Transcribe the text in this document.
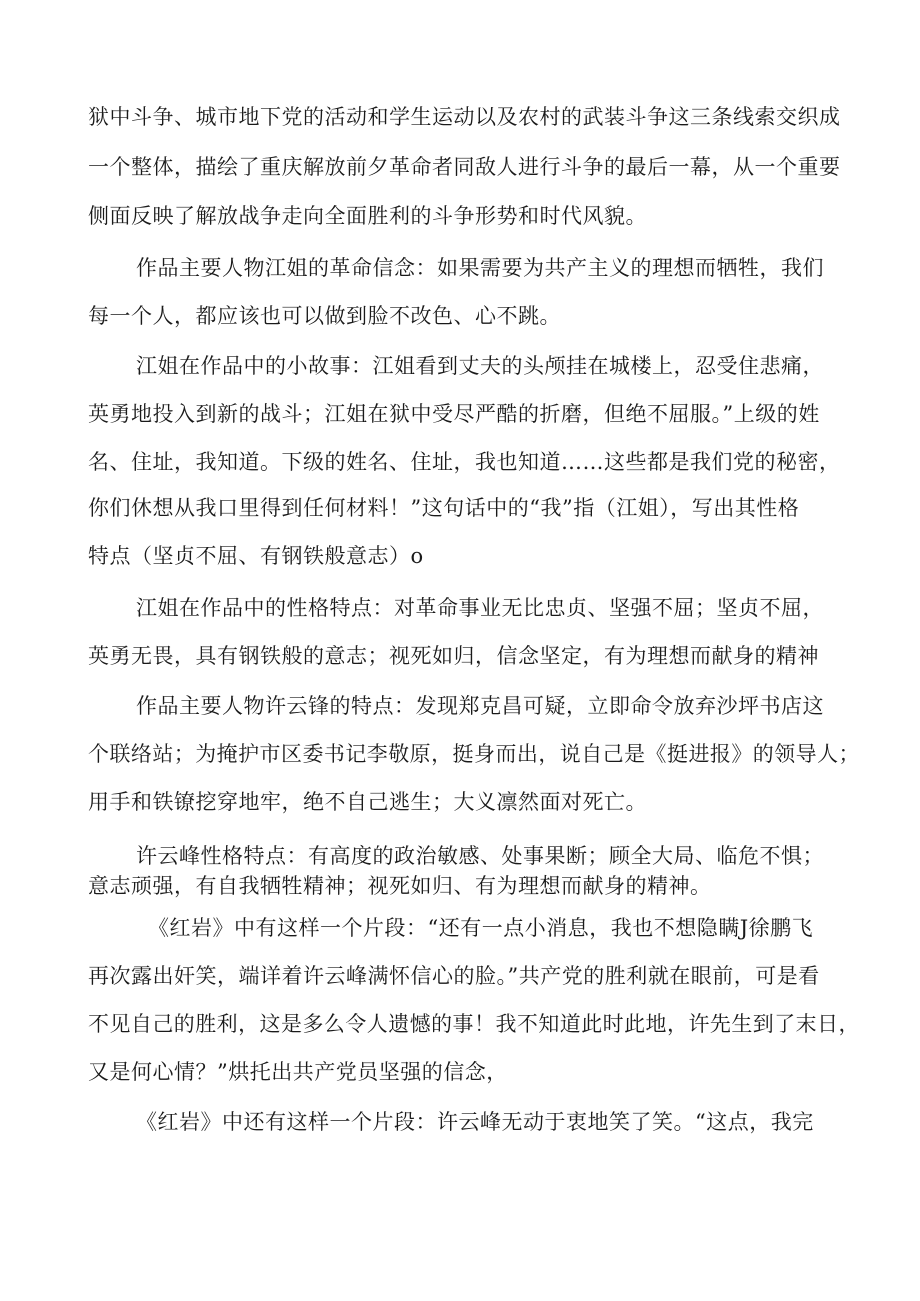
狱中斗争、城市地下党的活动和学生运动以及农村的武装斗争这三条线索交织成
一个整体，描绘了重庆解放前夕革命者同敌人进行斗争的最后一幕，从一个重要
侧面反映了解放战争走向全面胜利的斗争形势和时代风貌。
作品主要人物江姐的革命信念：如果需要为共产主义的理想而牺牲，我们
每一个人，都应该也可以做到脸不改色、心不跳。
江姐在作品中的小故事：江姐看到丈夫的头颅挂在城楼上，忍受住悲痛，
英勇地投入到新的战斗；江姐在狱中受尽严酷的折磨，但绝不屈服。”上级的姓
名、住址，我知道。下级的姓名、住址，我也知道……这些都是我们党的秘密，
你们休想从我口里得到任何材料！”这句话中的“我”指（江姐），写出其性格
特点（坚贞不屈、有钢铁般意志）o
江姐在作品中的性格特点：对革命事业无比忠贞、坚强不屈；坚贞不屈，
英勇无畏，具有钢铁般的意志；视死如归，信念坚定，有为理想而献身的精神
作品主要人物许云锋的特点：发现郑克昌可疑，立即命令放弃沙坪书店这
个联络站；为掩护市区委书记李敬原，挺身而出，说自己是《挺进报》的领导人；
用手和铁镣挖穿地牢，绝不自己逃生；大义凛然面对死亡。
许云峰性格特点：有高度的政治敏感、处事果断；顾全大局、临危不惧；
意志顽强，有自我牺牲精神；视死如归、有为理想而献身的精神。
《红岩》中有这样一个片段：“还有一点小消息，我也不想隐瞒J徐鹏飞
再次露出奸笑，端详着许云峰满怀信心的脸。”共产党的胜利就在眼前，可是看
不见自己的胜利，这是多么令人遗憾的事！我不知道此时此地，许先生到了末日，
又是何心情？”烘托出共产党员坚强的信念，
《红岩》中还有这样一个片段：许云峰无动于衷地笑了笑。“这点，我完
